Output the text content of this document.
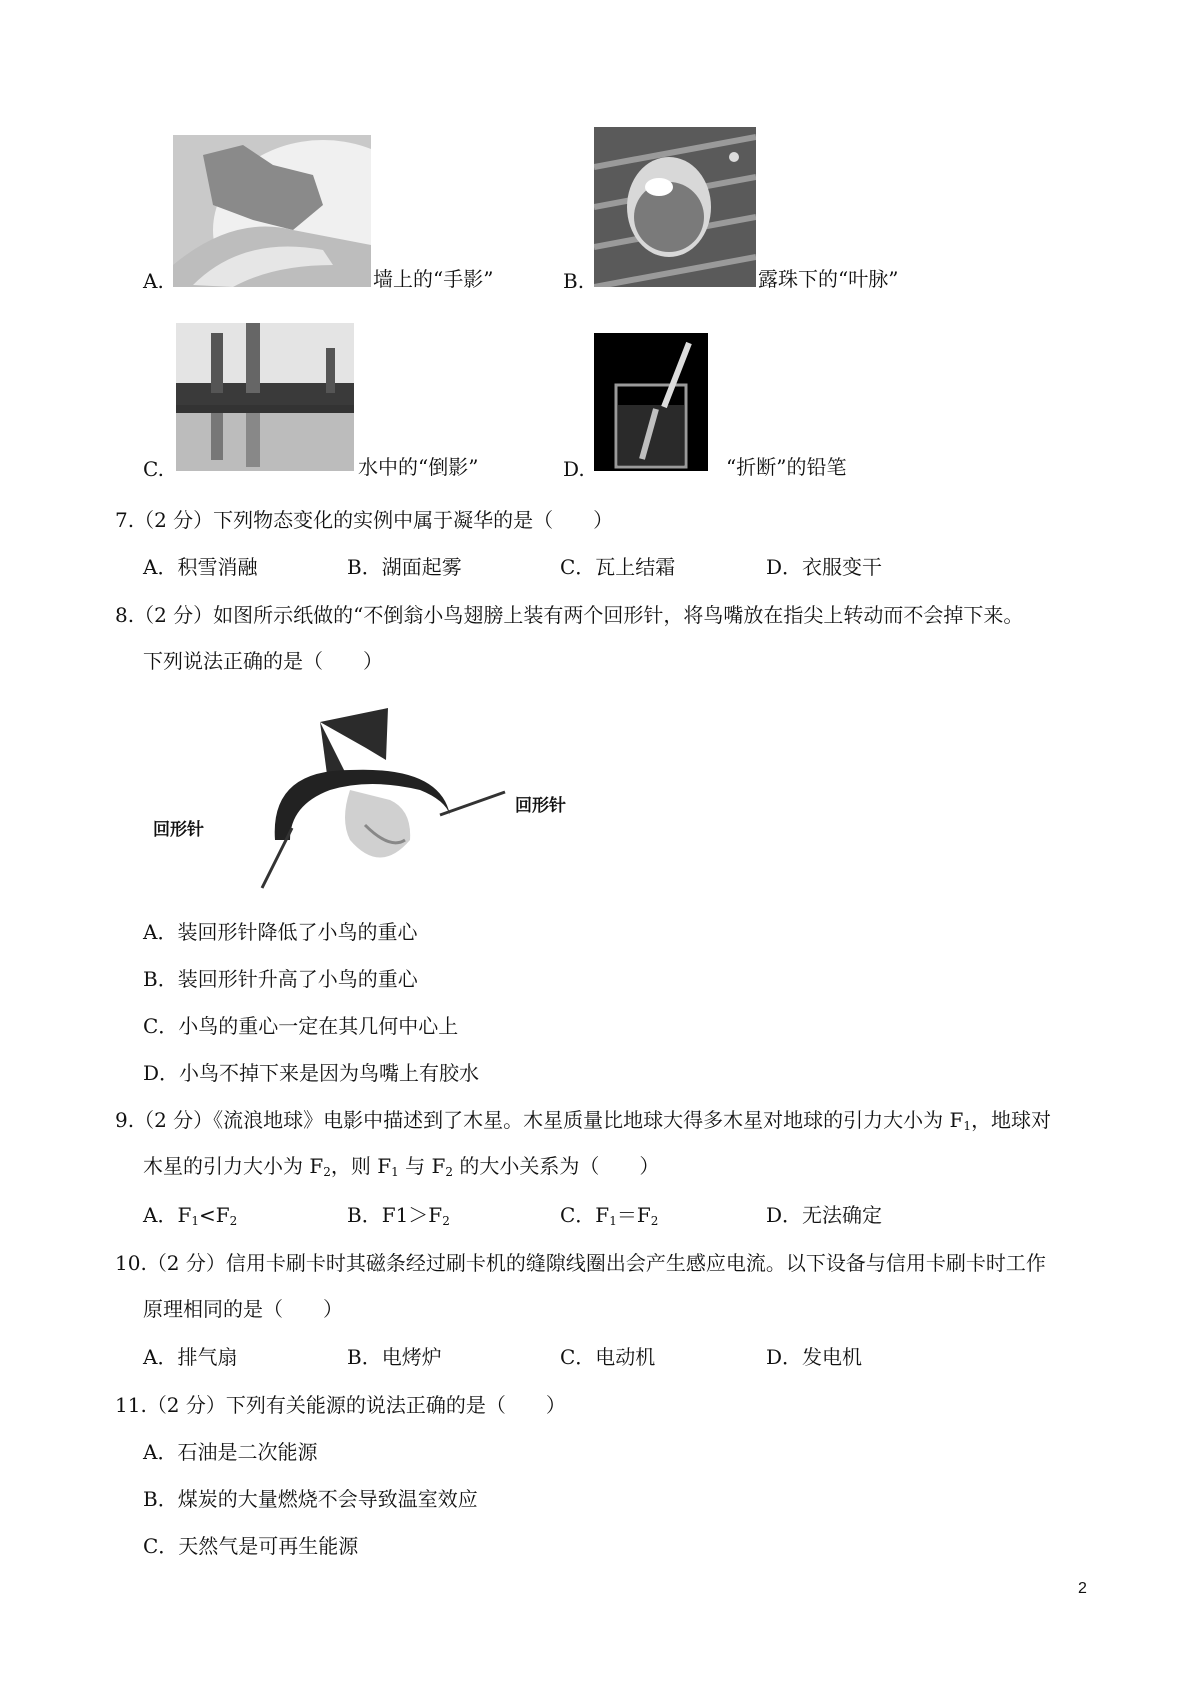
A.	墙上的“手影”	B.	露珠下的“叶脉”
C.	水中的“倒影”	D.	“折断”的铅笔
7.（2 分）下列物态变化的实例中属于凝华的是（　　）
A．积雪消融	B．湖面起雾	C．瓦上结霜	D．衣服变干
8.（2 分）如图所示纸做的“不倒翁小鸟翅膀上装有两个回形针，将鸟嘴放在指尖上转动而不会掉下来。
下列说法正确的是（　　）
回形针
回形针
A．装回形针降低了小鸟的重心
B．装回形针升高了小鸟的重心
C．小鸟的重心一定在其几何中心上
D．小鸟不掉下来是因为鸟嘴上有胶水
9.（2 分）《流浪地球》电影中描述到了木星。木星质量比地球大得多木星对地球的引力大小为 $F_1$，地球对
木星的引力大小为 $F_2$，则 $F_1$ 与 $F_2$ 的大小关系为（　　）
A．$F_1<F_2$	B．$F1>F_2$	C．$F_1=F_2$	D．无法确定
10.（2 分）信用卡刷卡时其磁条经过刷卡机的缝隙线圈出会产生感应电流。以下设备与信用卡刷卡时工作
原理相同的是（　　）
A．排气扇	B．电烤炉	C．电动机	D．发电机
11.（2 分）下列有关能源的说法正确的是（　　）
A．石油是二次能源
B．煤炭的大量燃烧不会导致温室效应
C．天然气是可再生能源
2
